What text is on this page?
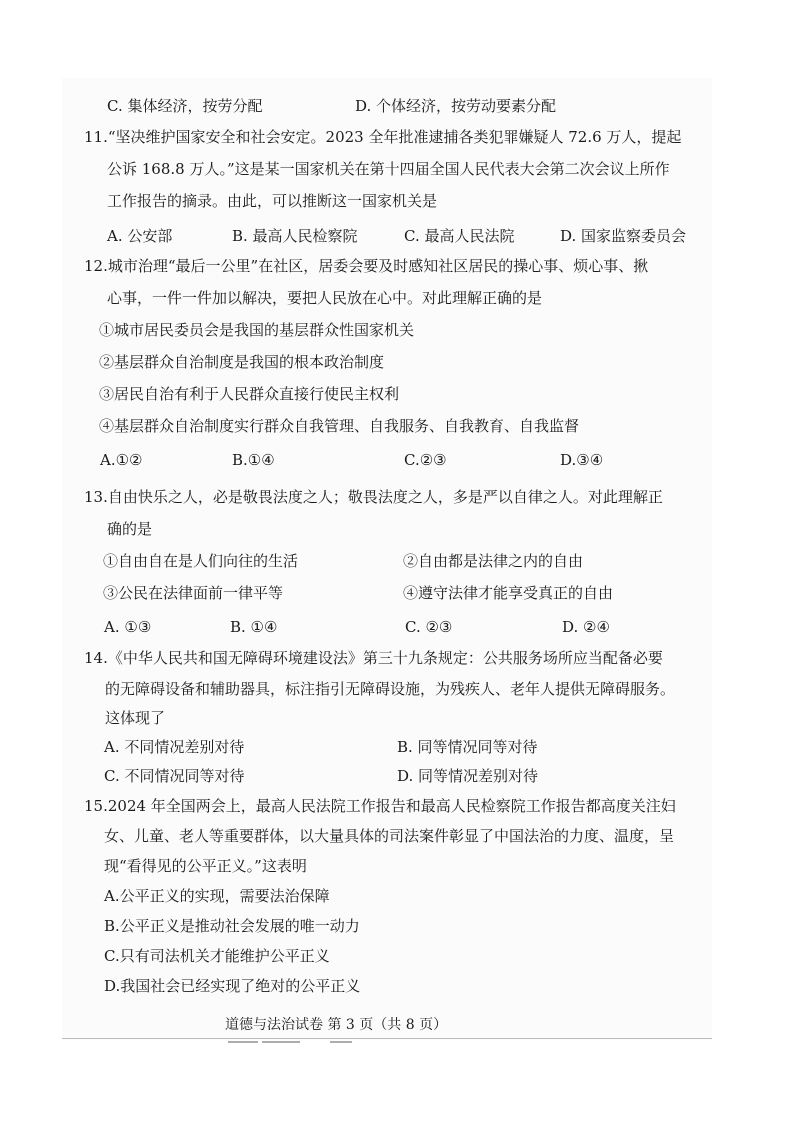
C. 集体经济，按劳分配	D. 个体经济，按劳动要素分配
11.“坚决维护国家安全和社会安定。2023 全年批准逮捕各类犯罪嫌疑人 72.6 万人，提起
公诉 168.8 万人。”这是某一国家机关在第十四届全国人民代表大会第二次会议上所作
工作报告的摘录。由此，可以推断这一国家机关是
A. 公安部	B. 最高人民检察院	C. 最高人民法院	D. 国家监察委员会
12.城市治理“最后一公里”在社区，居委会要及时感知社区居民的操心事、烦心事、揪
心事，一件一件加以解决，要把人民放在心中。对此理解正确的是
①城市居民委员会是我国的基层群众性国家机关
②基层群众自治制度是我国的根本政治制度
③居民自治有利于人民群众直接行使民主权利
④基层群众自治制度实行群众自我管理、自我服务、自我教育、自我监督
A.①②	B.①④	C.②③	D.③④
13.自由快乐之人，必是敬畏法度之人；敬畏法度之人，多是严以自律之人。对此理解正
确的是
①自由自在是人们向往的生活	②自由都是法律之内的自由
③公民在法律面前一律平等	④遵守法律才能享受真正的自由
A. ①③	B. ①④	C. ②③	D. ②④
14.《中华人民共和国无障碍环境建设法》第三十九条规定：公共服务场所应当配备必要
的无障碍设备和辅助器具，标注指引无障碍设施，为残疾人、老年人提供无障碍服务。
这体现了
A. 不同情况差别对待	B. 同等情况同等对待
C. 不同情况同等对待	D. 同等情况差别对待
15.2024 年全国两会上，最高人民法院工作报告和最高人民检察院工作报告都高度关注妇
女、儿童、老人等重要群体，以大量具体的司法案件彰显了中国法治的力度、温度，呈
现“看得见的公平正义。”这表明
A.公平正义的实现，需要法治保障
B.公平正义是推动社会发展的唯一动力
C.只有司法机关才能维护公平正义
D.我国社会已经实现了绝对的公平正义
道德与法治试卷 第 3 页（共 8 页）
